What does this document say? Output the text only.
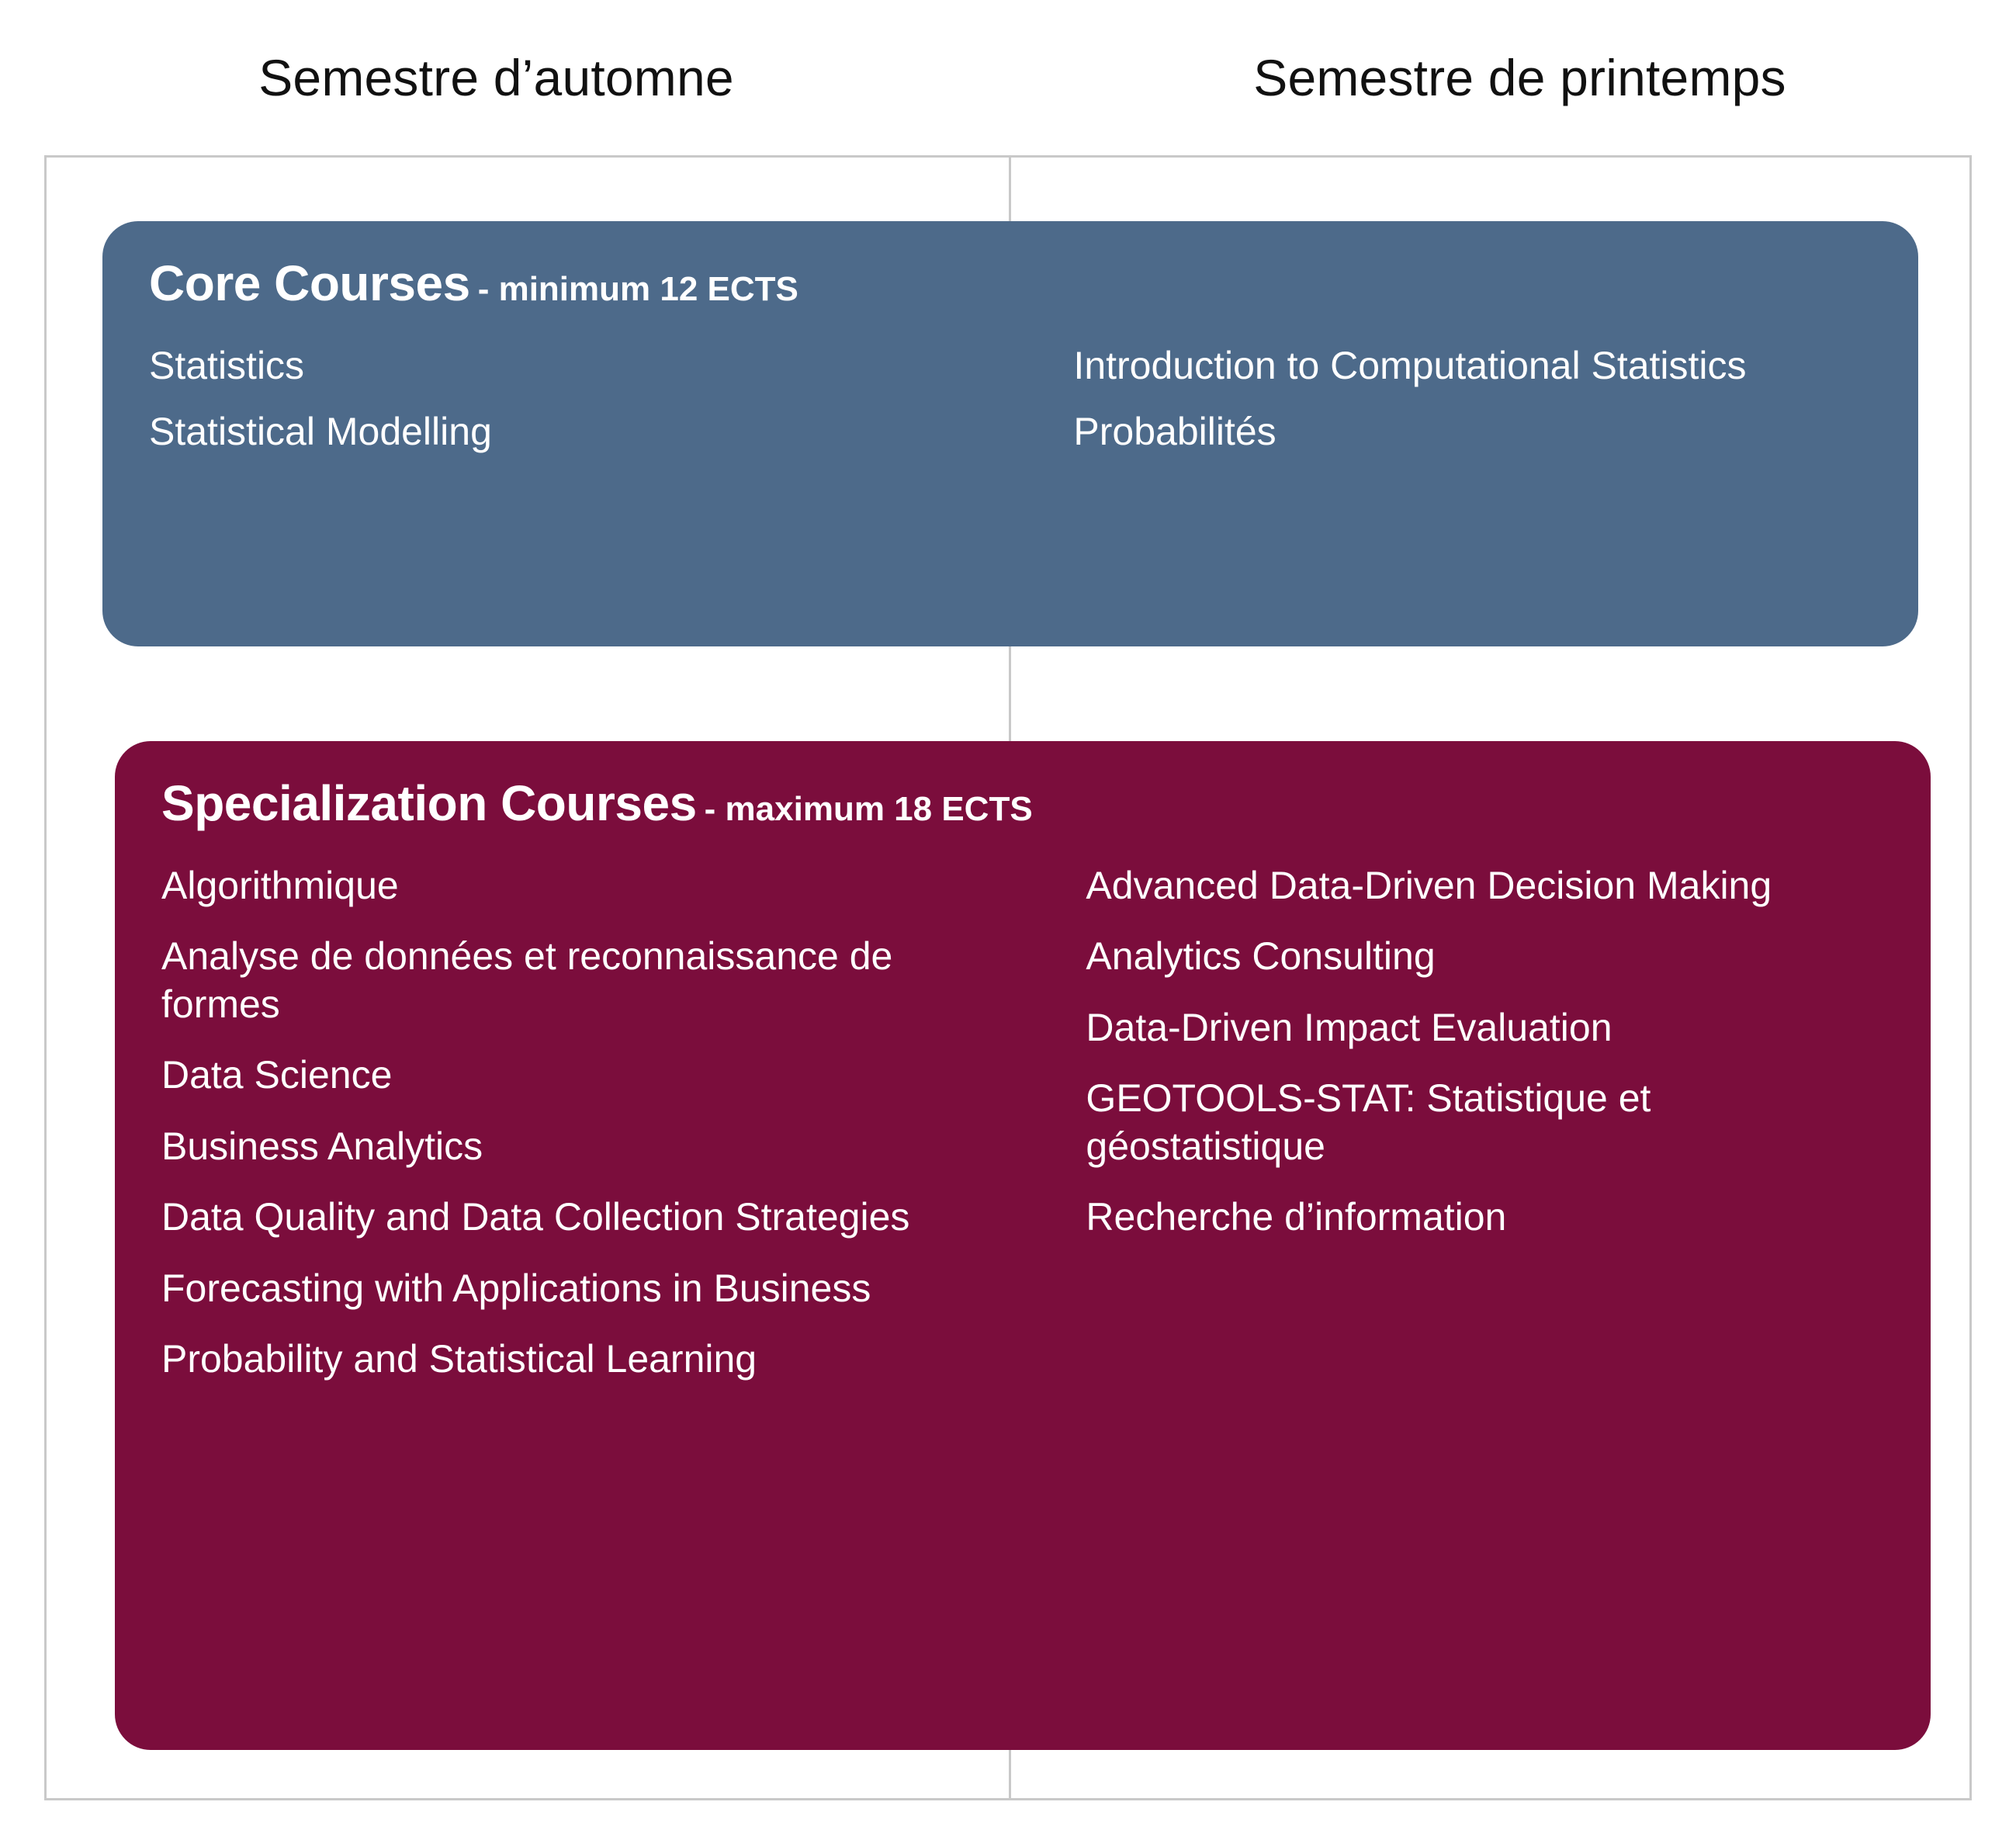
Semestre d’automne	Semestre de printemps
Core Courses - minimum 12 ECTS
Statistics
Statistical Modelling
Introduction to Computational Statistics
Probabilités
Specialization Courses - maximum 18 ECTS
Algorithmique
Analyse de données et reconnaissance de formes
Data Science
Business Analytics
Data Quality and Data Collection Strategies
Forecasting with Applications in Business
Probability and Statistical Learning
Advanced Data-Driven Decision Making
Analytics Consulting
Data-Driven Impact Evaluation
GEOTOOLS-STAT: Statistique et géostatistique
Recherche d’information
